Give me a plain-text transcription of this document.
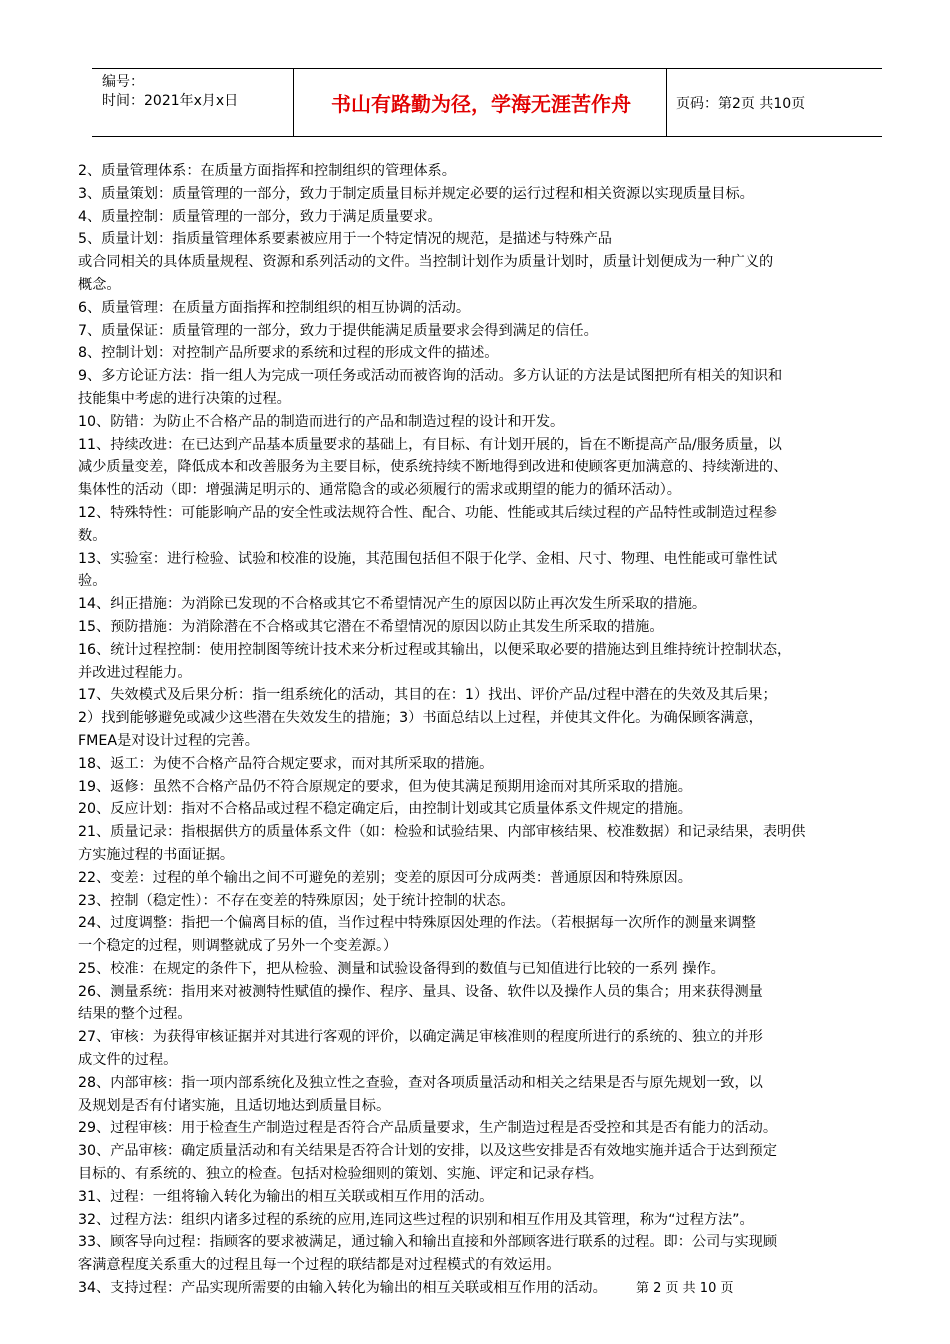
编号：
时间：2021年x月x日	书山有路勤为径，学海无涯苦作舟	页码：第2页 共10页
2、质量管理体系：在质量方面指挥和控制组织的管理体系。
3、质量策划：质量管理的一部分，致力于制定质量目标并规定必要的运行过程和相关资源以实现质量目标。
4、质量控制：质量管理的一部分，致力于满足质量要求。
5、质量计划：指质量管理体系要素被应用于一个特定情况的规范，是描述与特殊产品
或合同相关的具体质量规程、资源和系列活动的文件。当控制计划作为质量计划时，质量计划便成为一种广义的
概念。
6、质量管理：在质量方面指挥和控制组织的相互协调的活动。
7、质量保证：质量管理的一部分，致力于提供能满足质量要求会得到满足的信任。
8、控制计划：对控制产品所要求的系统和过程的形成文件的描述。
9、多方论证方法：指一组人为完成一项任务或活动而被咨询的活动。多方认证的方法是试图把所有相关的知识和
技能集中考虑的进行决策的过程。
10、防错：为防止不合格产品的制造而进行的产品和制造过程的设计和开发。
11、持续改进：在已达到产品基本质量要求的基础上，有目标、有计划开展的，旨在不断提高产品/服务质量，以
减少质量变差，降低成本和改善服务为主要目标，使系统持续不断地得到改进和使顾客更加满意的、持续渐进的、
集体性的活动（即：增强满足明示的、通常隐含的或必须履行的需求或期望的能力的循环活动）。
12、特殊特性：可能影响产品的安全性或法规符合性、配合、功能、性能或其后续过程的产品特性或制造过程参
数。
13、实验室：进行检验、试验和校准的设施，其范围包括但不限于化学、金相、尺寸、物理、电性能或可靠性试
验。
14、纠正措施：为消除已发现的不合格或其它不希望情况产生的原因以防止再次发生所采取的措施。
15、预防措施：为消除潜在不合格或其它潜在不希望情况的原因以防止其发生所采取的措施。
16、统计过程控制：使用控制图等统计技术来分析过程或其输出，以便采取必要的措施达到且维持统计控制状态，
并改进过程能力。
17、失效模式及后果分析：指一组系统化的活动，其目的在：1）找出、评价产品/过程中潜在的失效及其后果；
2）找到能够避免或减少这些潜在失效发生的措施；3）书面总结以上过程，并使其文件化。为确保顾客满意，
FMEA是对设计过程的完善。
18、返工：为使不合格产品符合规定要求，而对其所采取的措施。
19、返修：虽然不合格产品仍不符合原规定的要求，但为使其满足预期用途而对其所采取的措施。
20、反应计划：指对不合格品或过程不稳定确定后，由控制计划或其它质量体系文件规定的措施。
21、质量记录：指根据供方的质量体系文件（如：检验和试验结果、内部审核结果、校准数据）和记录结果，表明供
方实施过程的书面证据。
22、变差：过程的单个输出之间不可避免的差别；变差的原因可分成两类：普通原因和特殊原因。
23、控制（稳定性）：不存在变差的特殊原因；处于统计控制的状态。
24、过度调整：指把一个偏离目标的值，当作过程中特殊原因处理的作法。（若根据每一次所作的测量来调整
一个稳定的过程，则调整就成了另外一个变差源。）
25、校准：在规定的条件下，把从检验、测量和试验设备得到的数值与已知值进行比较的一系列 操作。
26、测量系统：指用来对被测特性赋值的操作、程序、量具、设备、软件以及操作人员的集合；用来获得测量
结果的整个过程。
27、审核：为获得审核证据并对其进行客观的评价，以确定满足审核准则的程度所进行的系统的、独立的并形
成文件的过程。
28、内部审核：指一项内部系统化及独立性之查验，查对各项质量活动和相关之结果是否与原先规划一致，以
及规划是否有付诸实施，且适切地达到质量目标。
29、过程审核：用于检查生产制造过程是否符合产品质量要求，生产制造过程是否受控和其是否有能力的活动。
30、产品审核：确定质量活动和有关结果是否符合计划的安排，以及这些安排是否有效地实施并适合于达到预定
目标的、有系统的、独立的检查。包括对检验细则的策划、实施、评定和记录存档。
31、过程：一组将输入转化为输出的相互关联或相互作用的活动。
32、过程方法：组织内诸多过程的系统的应用,连同这些过程的识别和相互作用及其管理，称为“过程方法”。
33、顾客导向过程：指顾客的要求被满足，通过输入和输出直接和外部顾客进行联系的过程。即：公司与实现顾
客满意程度关系重大的过程且每一个过程的联结都是对过程模式的有效运用。
34、支持过程：产品实现所需要的由输入转化为输出的相互关联或相互作用的活动。	第 2 页 共 10 页
